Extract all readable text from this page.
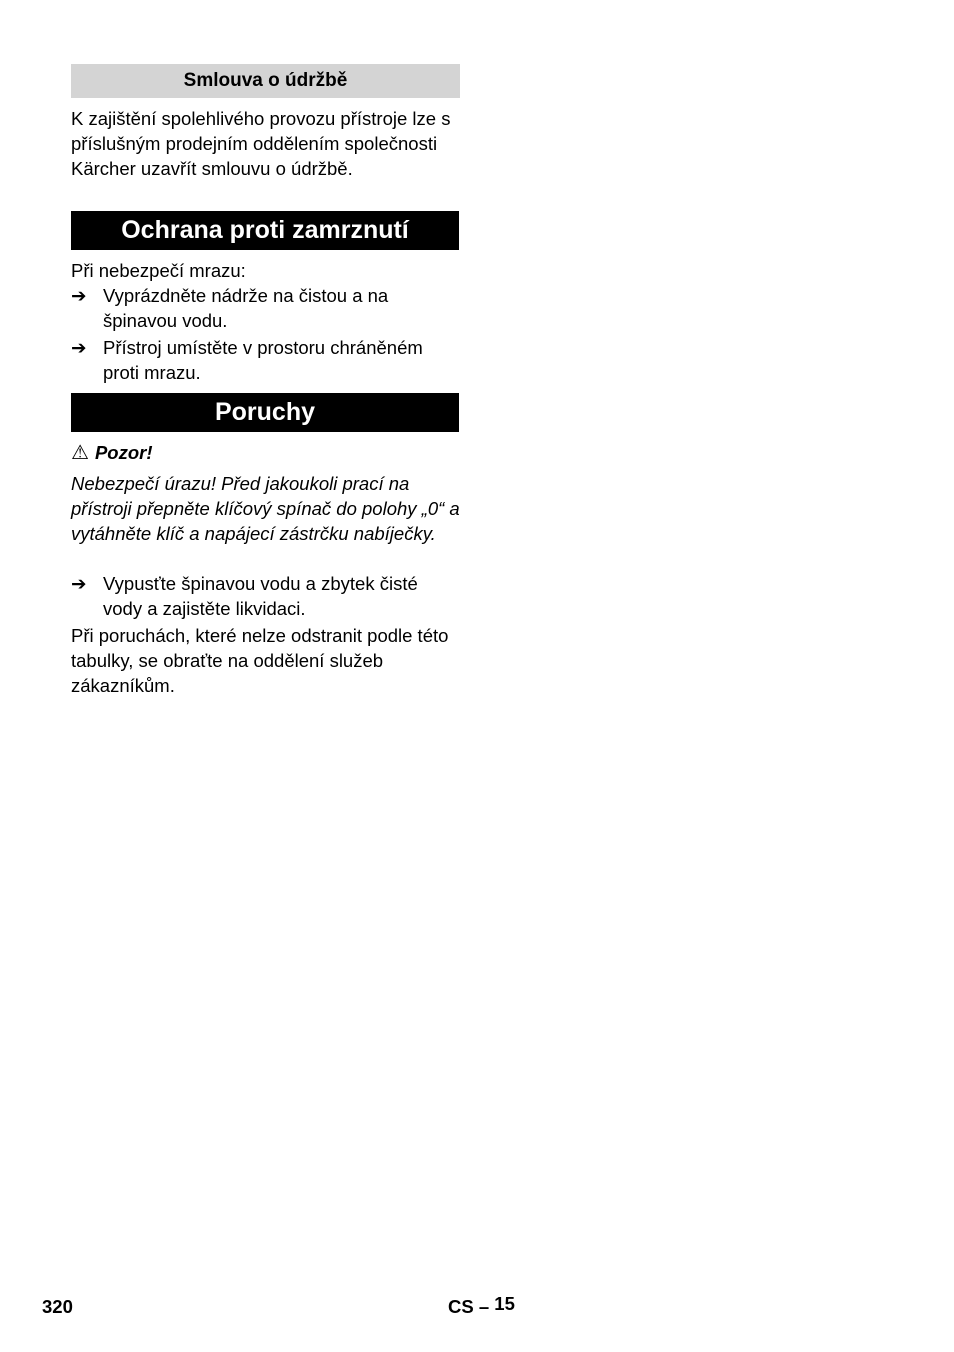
Smlouva o údržbě

K zajištění spolehlivého provozu přístroje lze s příslušným prodejním oddělením společnosti Kärcher uzavřít smlouvu o údržbě.

Ochrana proti zamrznutí

Při nebezpečí mrazu:

➔ Vyprázdněte nádrže na čistou a na špinavou vodu.
➔ Přístroj umístěte v prostoru chráněném proti mrazu.
Poruchy
⚠ Pozor!

Nebezpečí úrazu! Před jakoukoli prací na přístroji přepněte klíčový spínač do polohy „0“ a vytáhněte klíč a napájecí zástrčku nabíječky.

➔ Vypusťte špinavou vodu a zbytek čisté vody a zajistěte likvidaci.

Při poruchách, které nelze odstranit podle této tabulky, se obraťte na oddělení služeb zákazníkům.

320	CS – 15
